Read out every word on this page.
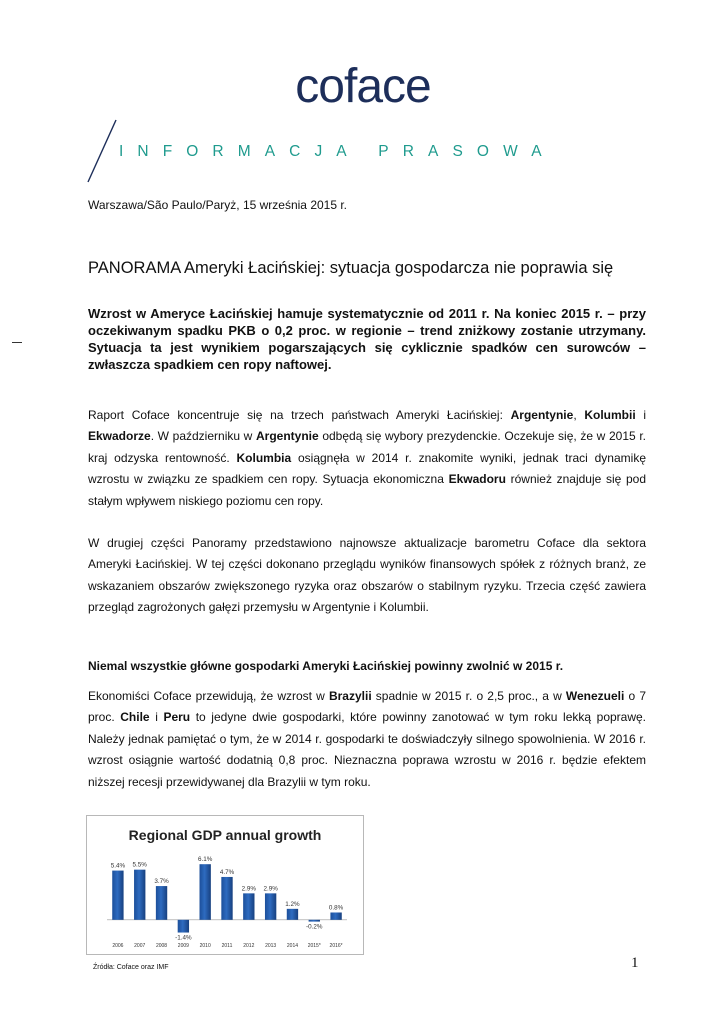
coface
INFORMACJA PRASOWA
Warszawa/São Paulo/Paryż, 15 września 2015 r.
PANORAMA Ameryki Łacińskiej: sytuacja gospodarcza nie poprawia się
Wzrost w Ameryce Łacińskiej hamuje systematycznie od 2011 r. Na koniec 2015 r. – przy oczekiwanym spadku PKB o 0,2 proc. w regionie – trend zniżkowy zostanie utrzymany. Sytuacja ta jest wynikiem pogarszających się cyklicznie spadków cen surowców – zwłaszcza spadkiem cen ropy naftowej.
Raport Coface koncentruje się na trzech państwach Ameryki Łacińskiej: Argentynie, Kolumbii i Ekwadorze. W październiku w Argentynie odbędą się wybory prezydenckie. Oczekuje się, że w 2015 r. kraj odzyska rentowność. Kolumbia osiągnęła w 2014 r. znakomite wyniki, jednak traci dynamikę wzrostu w związku ze spadkiem cen ropy. Sytuacja ekonomiczna Ekwadoru również znajduje się pod stałym wpływem niskiego poziomu cen ropy.
W drugiej części Panoramy przedstawiono najnowsze aktualizacje barometru Coface dla sektora Ameryki Łacińskiej. W tej części dokonano przeglądu wyników finansowych spółek z różnych branż, ze wskazaniem obszarów zwiększonego ryzyka oraz obszarów o stabilnym ryzyku. Trzecia część zawiera przegląd zagrożonych gałęzi przemysłu w Argentynie i Kolumbii.
Niemal wszystkie główne gospodarki Ameryki Łacińskiej powinny zwolnić w 2015 r.
Ekonomiści Coface przewidują, że wzrost w Brazylii spadnie w 2015 r. o 2,5 proc., a w Wenezueli o 7 proc. Chile i Peru to jedyne dwie gospodarki, które powinny zanotować w tym roku lekką poprawę. Należy jednak pamiętać o tym, że w 2014 r. gospodarki te doświadczyły silnego spowolnienia. W 2016 r. wzrost osiągnie wartość dodatnią 0,8 proc. Nieznaczna poprawa wzrostu w 2016 r. będzie efektem niższej recesji przewidywanej dla Brazylii w tym roku.
Regional GDP annual growth
5.4%
2006
5.5%
2007
3.7%
2008
-1.4%
2009
6.1%
2010
4.7%
2011
2.9%
2012
2.9%
2013
1.2%
2014
-0.2%
2015*
0.8%
2016*
Źródła: Coface oraz IMF	1
